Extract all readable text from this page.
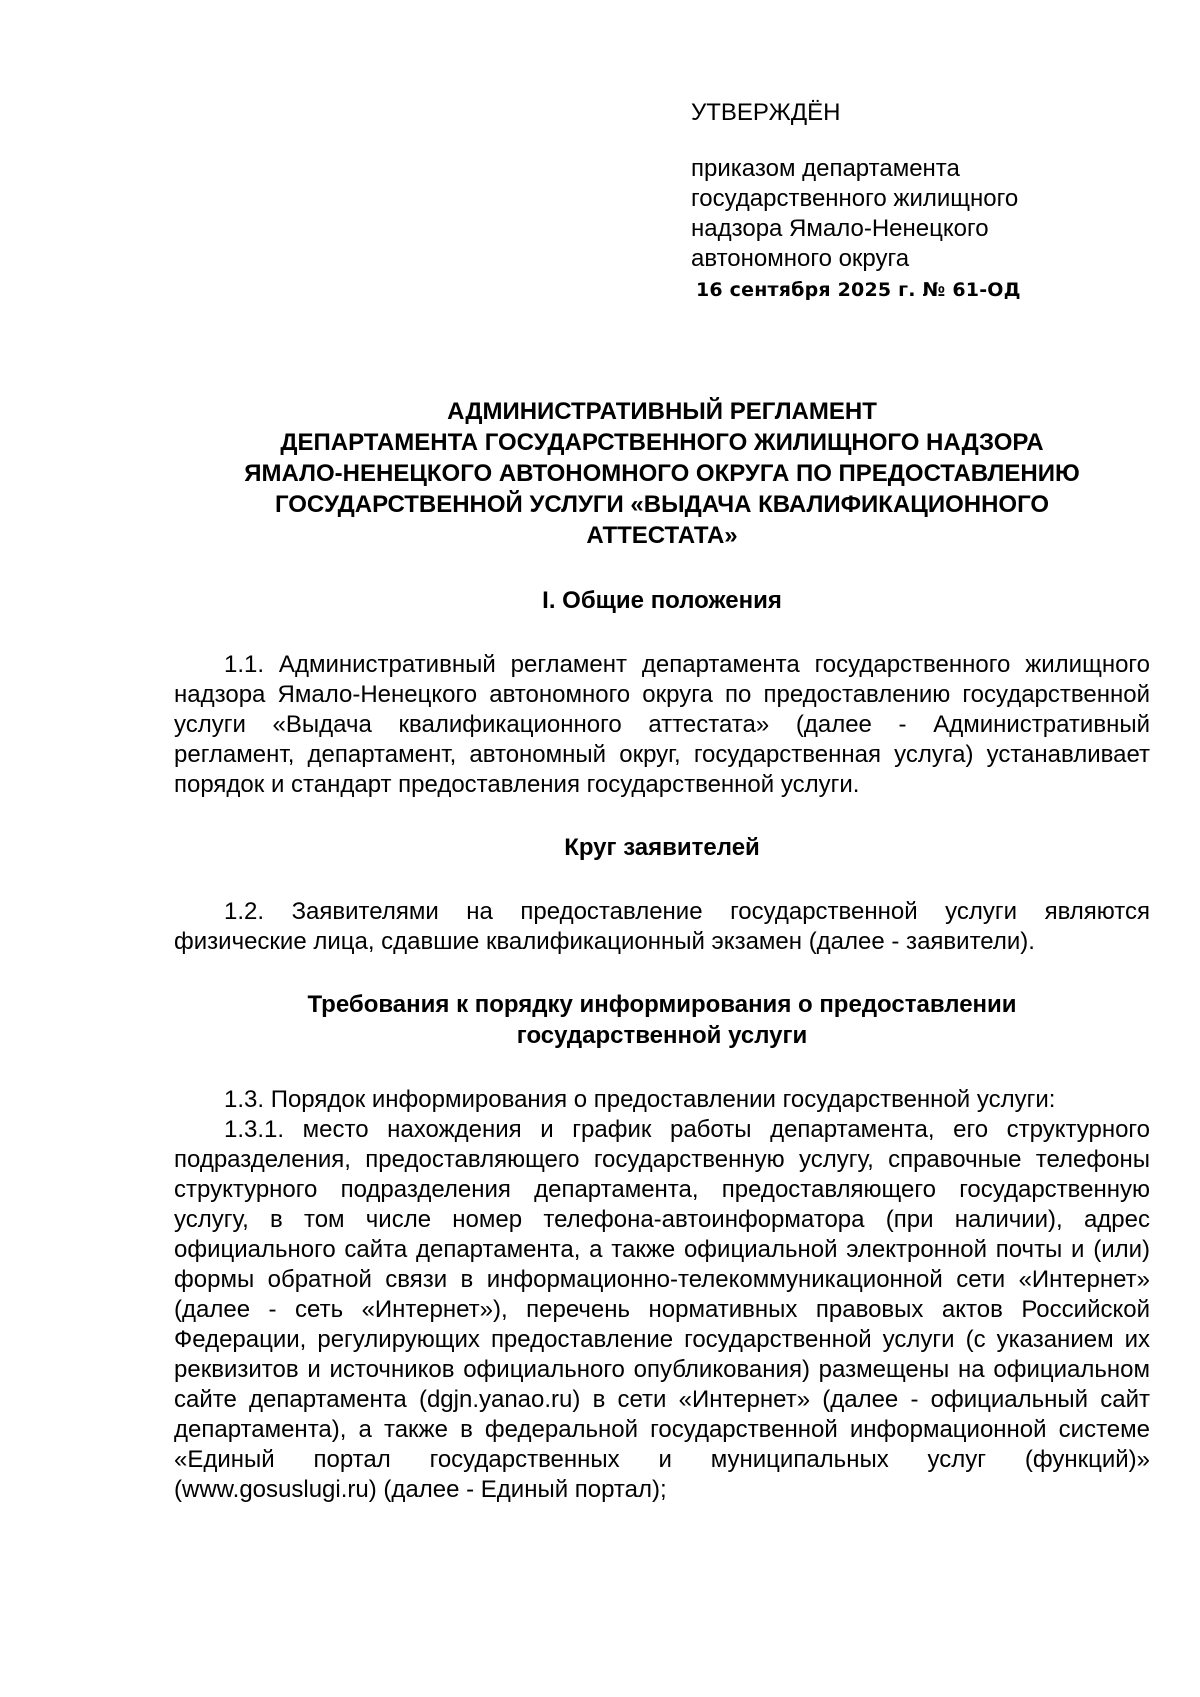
УТВЕРЖДЁН

приказом департамента

государственного жилищного

надзора Ямало-Ненецкого

автономного округа

16 сентября 2025 г. № 61-ОД

АДМИНИСТРАТИВНЫЙ РЕГЛАМЕНТ
ДЕПАРТАМЕНТА ГОСУДАРСТВЕННОГО ЖИЛИЩНОГО НАДЗОРА
ЯМАЛО-НЕНЕЦКОГО АВТОНОМНОГО ОКРУГА ПО ПРЕДОСТАВЛЕНИЮ
ГОСУДАРСТВЕННОЙ УСЛУГИ «ВЫДАЧА КВАЛИФИКАЦИОННОГО
АТТЕСТАТА»
I. Общие положения

1.1. Административный регламент департамента государственного жилищного надзора Ямало-Ненецкого автономного округа по предоставлению государственной услуги «Выдача квалификационного аттестата» (далее - Административный регламент, департамент, автономный округ, государственная услуга) устанавливает порядок и стандарт предоставления государственной услуги.

Круг заявителей

1.2. Заявителями на предоставление государственной услуги являются физические лица, сдавшие квалификационный экзамен (далее - заявители).

Требования к порядку информирования о предоставлении
государственной услуги

1.3. Порядок информирования о предоставлении государственной услуги:

1.3.1. место нахождения и график работы департамента, его структурного подразделения, предоставляющего государственную услугу, справочные телефоны структурного подразделения департамента, предоставляющего государственную услугу, в том числе номер телефона-автоинформатора (при наличии), адрес официального сайта департамента, а также официальной электронной почты и (или) формы обратной связи в информационно-телекоммуникационной сети «Интернет» (далее - сеть «Интернет»), перечень нормативных правовых актов Российской Федерации, регулирующих предоставление государственной услуги (с указанием их реквизитов и источников официального опубликования) размещены на официальном сайте департамента (dgjn.yanao.ru) в сети «Интернет» (далее - официальный сайт департамента), а также в федеральной государственной информационной системе «Единый портал государственных и муниципальных услуг (функций)» (www.gosuslugi.ru) (далее - Единый портал);
